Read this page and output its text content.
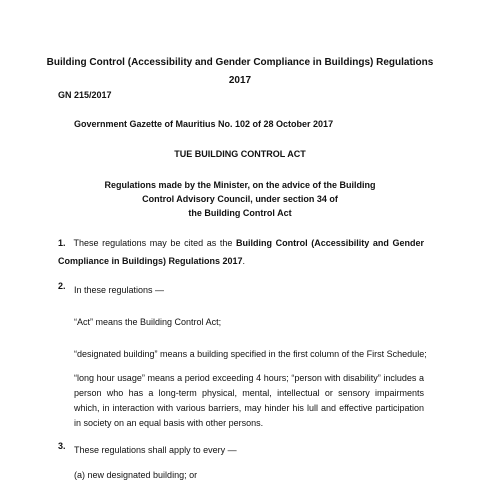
Building Control (Accessibility and Gender Compliance in Buildings) Regulations
2017
GN 215/2017
Government Gazette of Mauritius No. 102 of 28 October 2017
TUE BUILDING CONTROL ACT
Regulations made by the Minister, on the advice of the Building
Control Advisory Council, under section 34 of
the Building Control Act
1. These regulations may be cited as the Building Control (Accessibility and Gender Compliance in Buildings) Regulations 2017.
2. In these regulations —
“Act” means the Building Control Act;
“designated building” means a building specified in the first column of the First Schedule;
“long hour usage” means a period exceeding 4 hours; “person with disability” includes a person who has a long-term physical, mental, intellectual or sensory impairments which, in interaction with various barriers, may hinder his lull and effective participation in society on an equal basis with other persons.
3. These regulations shall apply to every —
(a) new designated building; or
